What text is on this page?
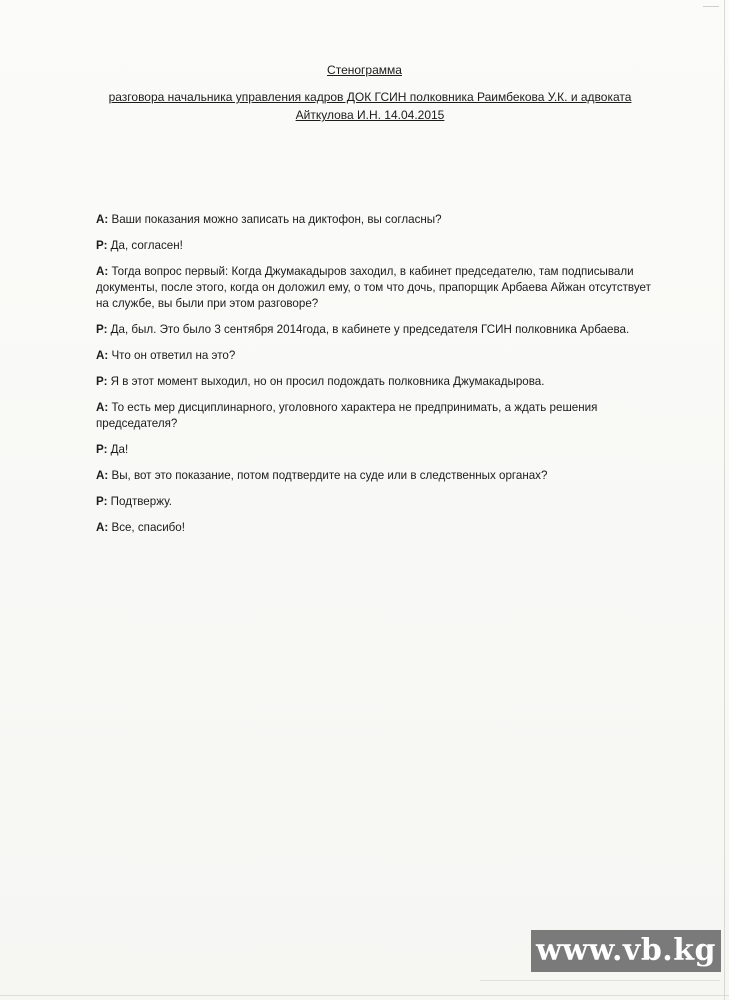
Стенограмма
разговора начальника управления кадров ДОК ГСИН полковника Раимбекова У.К. и адвоката
Айткулова И.Н. 14.04.2015

А: Ваши показания можно записать на диктофон, вы согласны?

Р: Да, согласен!

А: Тогда вопрос первый: Когда Джумакадыров заходил, в кабинет председателю, там подписывали документы, после этого, когда он доложил ему, о том что дочь, прапорщик Арбаева Айжан отсутствует на службе, вы были при этом разговоре?

Р: Да, был. Это было 3 сентября 2014года, в кабинете у председателя ГСИН полковника Арбаева.

А: Что он ответил на это?

Р: Я в этот момент выходил, но он просил подождать полковника Джумакадырова.

А: То есть мер дисциплинарного, уголовного характера не предпринимать, а ждать решения председателя?

Р: Да!

А: Вы, вот это показание, потом подтвердите на суде или в следственных органах?

Р: Подтвержу.

А: Все, спасибо!

www.vb.kg
